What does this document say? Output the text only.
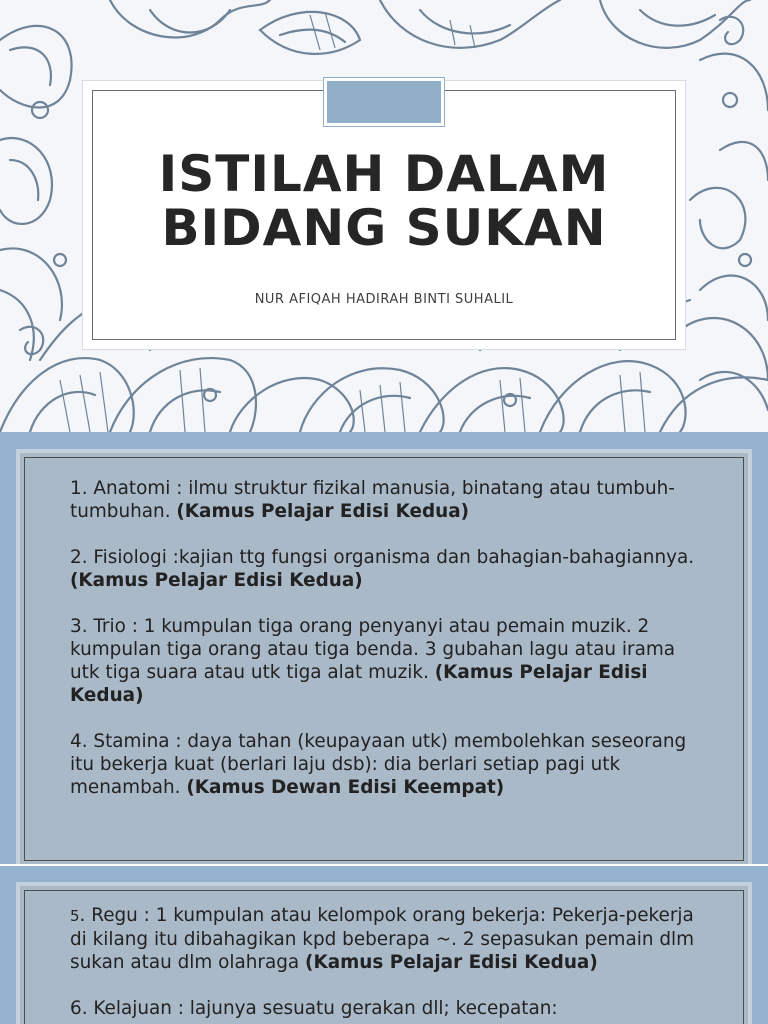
ISTILAH DALAM
BIDANG SUKAN
NUR AFIQAH HADIRAH BINTI SUHALIL

1. Anatomi : ilmu struktur fizikal manusia, binatang atau tumbuh-tumbuhan. (Kamus Pelajar Edisi Kedua)

2. Fisiologi :kajian ttg fungsi organisma dan bahagian-bahagiannya. (Kamus Pelajar Edisi Kedua)

3. Trio : 1 kumpulan tiga orang penyanyi atau pemain muzik. 2 kumpulan tiga orang atau tiga benda. 3 gubahan lagu atau irama utk tiga suara atau utk tiga alat muzik. (Kamus Pelajar Edisi Kedua)

4. Stamina : daya tahan (keupayaan utk) membolehkan seseorang itu bekerja kuat (berlari laju dsb): dia berlari setiap pagi utk menambah. (Kamus Dewan Edisi Keempat)

5. Regu : 1 kumpulan atau kelompok orang bekerja: Pekerja-pekerja di kilang itu dibahagikan kpd beberapa ~. 2 sepasukan pemain dlm sukan atau dlm olahraga (Kamus Pelajar Edisi Kedua)

6. Kelajuan : lajunya sesuatu gerakan dll; kecepatan:
